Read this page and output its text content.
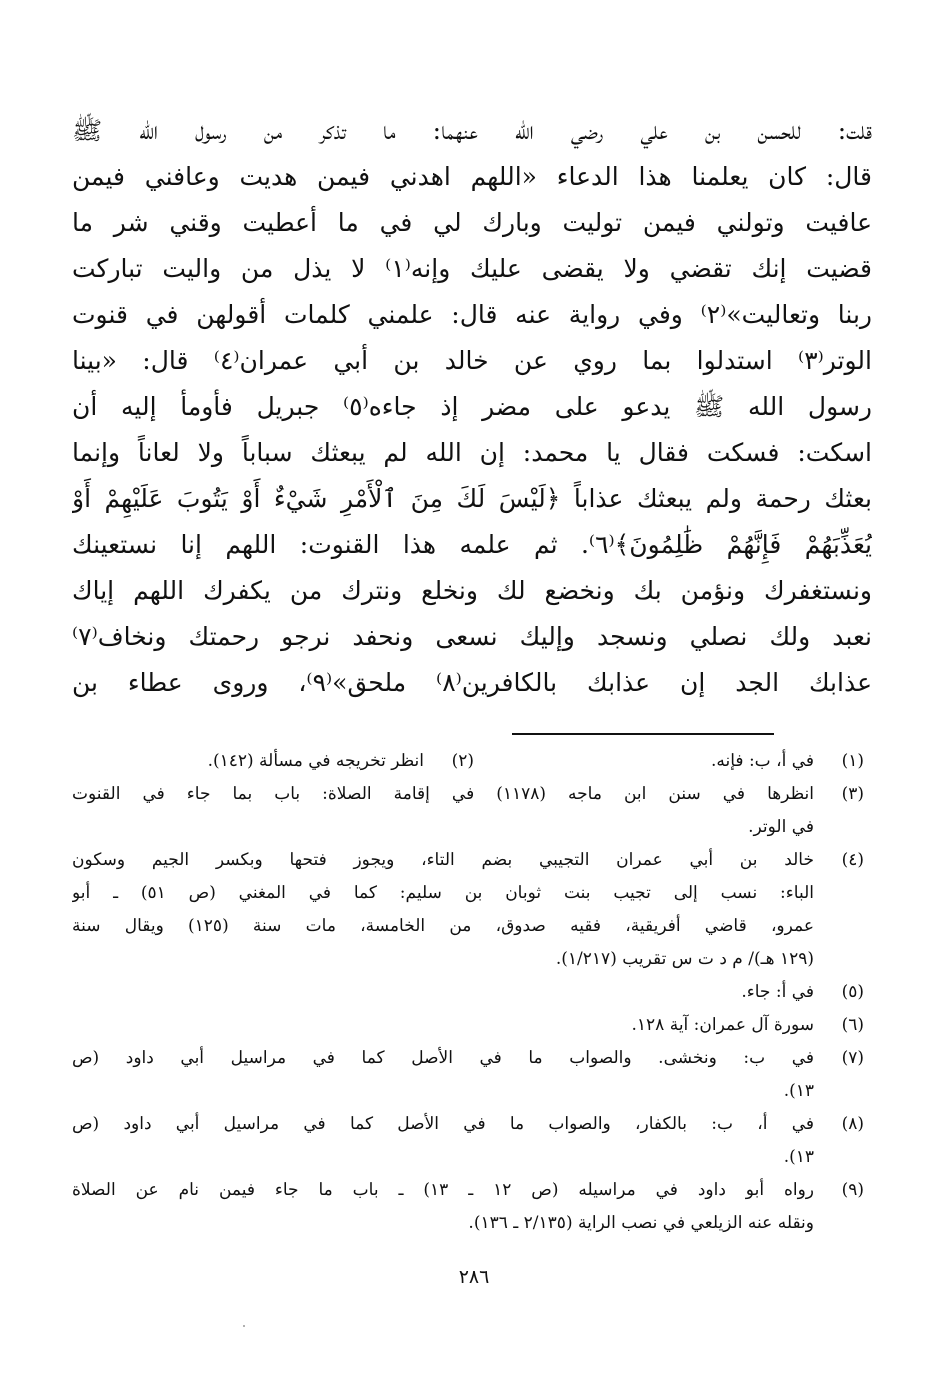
قلت: للحسن بن علي رضي الله عنهما: ما تذكر من رسول الله ﷺ
قال: كان يعلمنا هذا الدعاء «اللهم اهدني فيمن هديت وعافني فيمن
عافيت وتولني فيمن توليت وبارك لي في ما أعطيت وقني شر ما
قضيت إنك تقضي ولا يقضى عليك وإنه⁽١⁾ لا يذل من واليت تباركت
ربنا وتعاليت»⁽٢⁾ وفي رواية عنه قال: علمني كلمات أقولهن في قنوت
الوتر⁽٣⁾ استدلوا بما روي عن خالد بن أبي عمران⁽٤⁾ قال: «بينا
رسول الله ﷺ يدعو على مضر إذ جاءه⁽٥⁾ جبريل فأومأ إليه أن
اسكت: فسكت فقال يا محمد: إن الله لم يبعثك سباباً ولا لعاناً وإنما
بعثك رحمة ولم يبعثك عذاباً ﴿لَيْسَ لَكَ مِنَ ٱلْأَمْرِ شَيْءٌ أَوْ يَتُوبَ عَلَيْهِمْ أَوْ
يُعَذِّبَهُمْ فَإِنَّهُمْ ظَٰلِمُونَ﴾⁽٦⁾. ثم علمه هذا القنوت: اللهم إنا نستعينك
ونستغفرك ونؤمن بك ونخضع لك ونخلع ونترك من يكفرك اللهم إياك
نعبد ولك نصلي ونسجد وإليك نسعى ونحفد نرجو رحمتك ونخاف⁽٧⁾
عذابك الجد إن عذابك بالكافرين⁽٨⁾ ملحق»⁽٩⁾، وروى عطاء بن
(١)
في أ، ب: فإنه.
(٢)
انظر تخريجه في مسألة (١٤٢).
(٣)
انظرها في سنن ابن ماجه (١١٧٨) في إقامة الصلاة: باب بما جاء في القنوت
في الوتر.
(٤)
خالد بن أبي عمران التجيبي بضم التاء، ويجوز فتحها وبكسر الجيم وسكون
الباء: نسب إلى تجيب بنت ثوبان بن سليم: كما في المغني (ص ٥١) ـ أبو
عمرو، قاضي أفريقية، فقيه صدوق، من الخامسة، مات سنة (١٢٥) ويقال سنة
(١٢٩ هـ)/ م د ت س تقريب (١/٢١٧).
(٥)
في أ: جاء.
(٦)
سورة آل عمران: آية ١٢٨.
(٧)
في ب: ونخشى. والصواب ما في الأصل كما في مراسيل أبي داود (ص
١٣).
(٨)
في أ، ب: بالكفار، والصواب ما في الأصل كما في مراسيل أبي داود (ص
١٣).
(٩)
رواه أبو داود في مراسيله (ص ١٢ ـ ١٣) ـ باب ما جاء فيمن نام عن الصلاة
ونقله عنه الزيلعي في نصب الراية (٢/١٣٥ ـ ١٣٦).
٢٨٦
